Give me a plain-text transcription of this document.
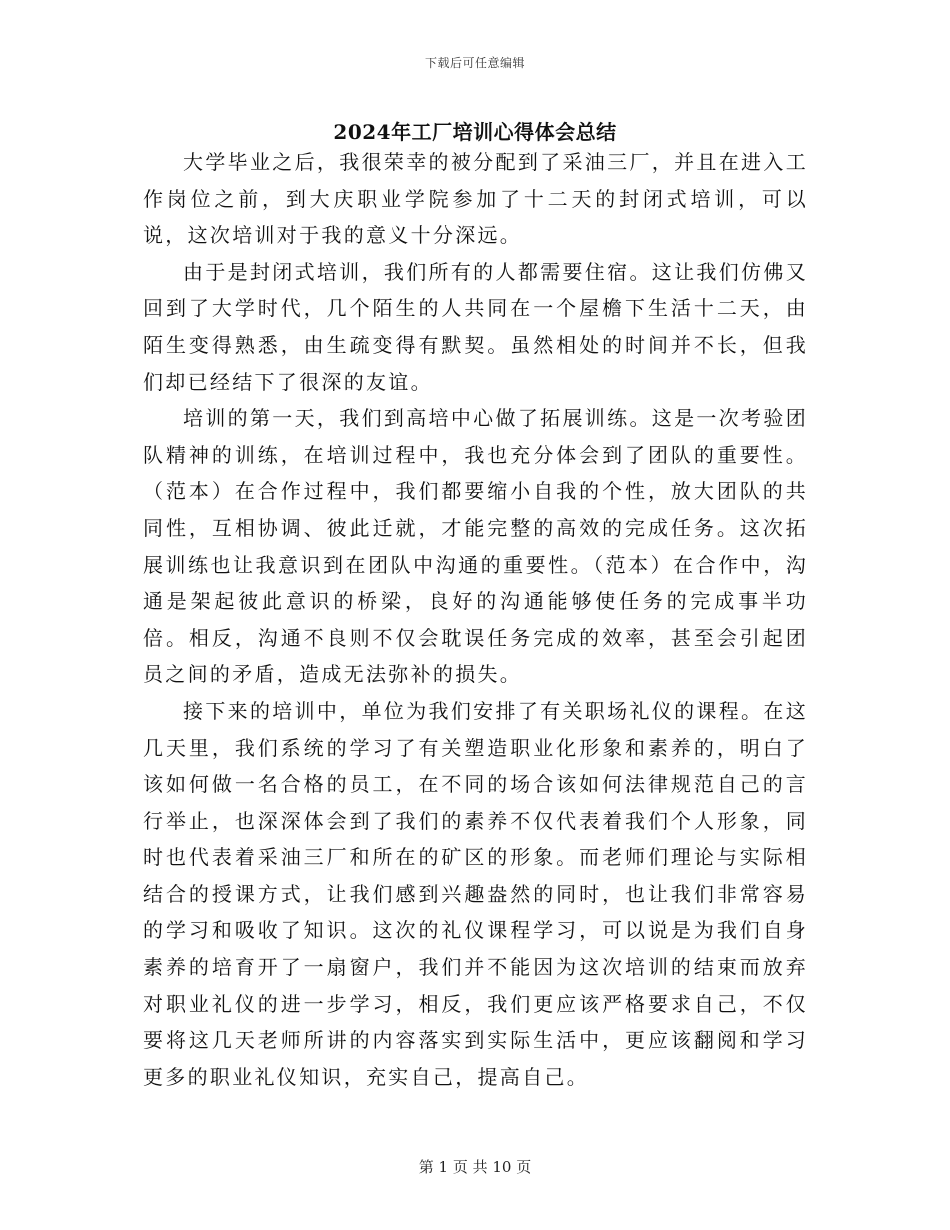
下载后可任意编辑
2024年工厂培训心得体会总结

大学毕业之后，我很荣幸的被分配到了采油三厂，并且在进入工作岗位之前，到大庆职业学院参加了十二天的封闭式培训，可以说，这次培训对于我的意义十分深远。

由于是封闭式培训，我们所有的人都需要住宿。这让我们仿佛又回到了大学时代，几个陌生的人共同在一个屋檐下生活十二天，由陌生变得熟悉，由生疏变得有默契。虽然相处的时间并不长，但我们却已经结下了很深的友谊。

培训的第一天，我们到高培中心做了拓展训练。这是一次考验团队精神的训练，在培训过程中，我也充分体会到了团队的重要性。（范本）在合作过程中，我们都要缩小自我的个性，放大团队的共同性，互相协调、彼此迁就，才能完整的高效的完成任务。这次拓展训练也让我意识到在团队中沟通的重要性。（范本）在合作中，沟通是架起彼此意识的桥梁，良好的沟通能够使任务的完成事半功倍。相反，沟通不良则不仅会耽误任务完成的效率，甚至会引起团员之间的矛盾，造成无法弥补的损失。

接下来的培训中，单位为我们安排了有关职场礼仪的课程。在这几天里，我们系统的学习了有关塑造职业化形象和素养的，明白了该如何做一名合格的员工，在不同的场合该如何法律规范自己的言行举止，也深深体会到了我们的素养不仅代表着我们个人形象，同时也代表着采油三厂和所在的矿区的形象。而老师们理论与实际相结合的授课方式，让我们感到兴趣盎然的同时，也让我们非常容易的学习和吸收了知识。这次的礼仪课程学习，可以说是为我们自身素养的培育开了一扇窗户，我们并不能因为这次培训的结束而放弃对职业礼仪的进一步学习，相反，我们更应该严格要求自己，不仅要将这几天老师所讲的内容落实到实际生活中，更应该翻阅和学习更多的职业礼仪知识，充实自己，提高自己。

第 1 页 共 10 页
